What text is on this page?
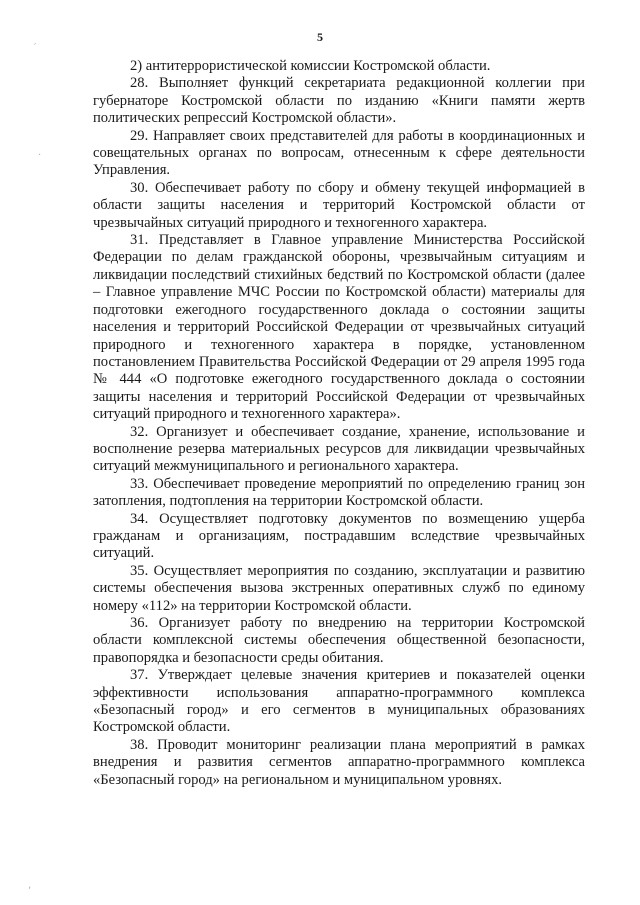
5
′
·
,

2) антитеррористической комиссии Костромской области.

28. Выполняет функций секретариата редакционной коллегии при губернаторе Костромской области по изданию «Книги памяти жертв политических репрессий Костромской области».

29. Направляет своих представителей для работы в координационных и совещательных органах по вопросам, отнесенным к сфере деятельности Управления.

30. Обеспечивает работу по сбору и обмену текущей информацией в области защиты населения и территорий Костромской области от чрезвычайных ситуаций природного и техногенного характера.

31. Представляет в Главное управление Министерства Российской Федерации по делам гражданской обороны, чрезвычайным ситуациям и ликвидации последствий стихийных бедствий по Костромской области (далее – Главное управление МЧС России по Костромской области) материалы для подготовки ежегодного государственного доклада о состоянии защиты населения и территорий Российской Федерации от чрезвычайных ситуаций природного и техногенного характера в порядке, установленном постановлением Правительства Российской Федерации от 29 апреля 1995 года № 444 «О подготовке ежегодного государственного доклада о состоянии защиты населения и территорий Российской Федерации от чрезвычайных ситуаций природного и техногенного характера».

32. Организует и обеспечивает создание, хранение, использование и восполнение резерва материальных ресурсов для ликвидации чрезвычайных ситуаций межмуниципального и регионального характера.

33. Обеспечивает проведение мероприятий по определению границ зон затопления, подтопления на территории Костромской области.

34. Осуществляет подготовку документов по возмещению ущерба гражданам и организациям, пострадавшим вследствие чрезвычайных ситуаций.

35. Осуществляет мероприятия по созданию, эксплуатации и развитию системы обеспечения вызова экстренных оперативных служб по единому номеру «112» на территории Костромской области.

36. Организует работу по внедрению на территории Костромской области комплексной системы обеспечения общественной безопасности, правопорядка и безопасности среды обитания.

37. Утверждает целевые значения критериев и показателей оценки эффективности использования аппаратно-программного комплекса «Безопасный город» и его сегментов в муниципальных образованиях Костромской области.

38. Проводит мониторинг реализации плана мероприятий в рамках внедрения и развития сегментов аппаратно-программного комплекса «Безопасный город» на региональном и муниципальном уровнях.
